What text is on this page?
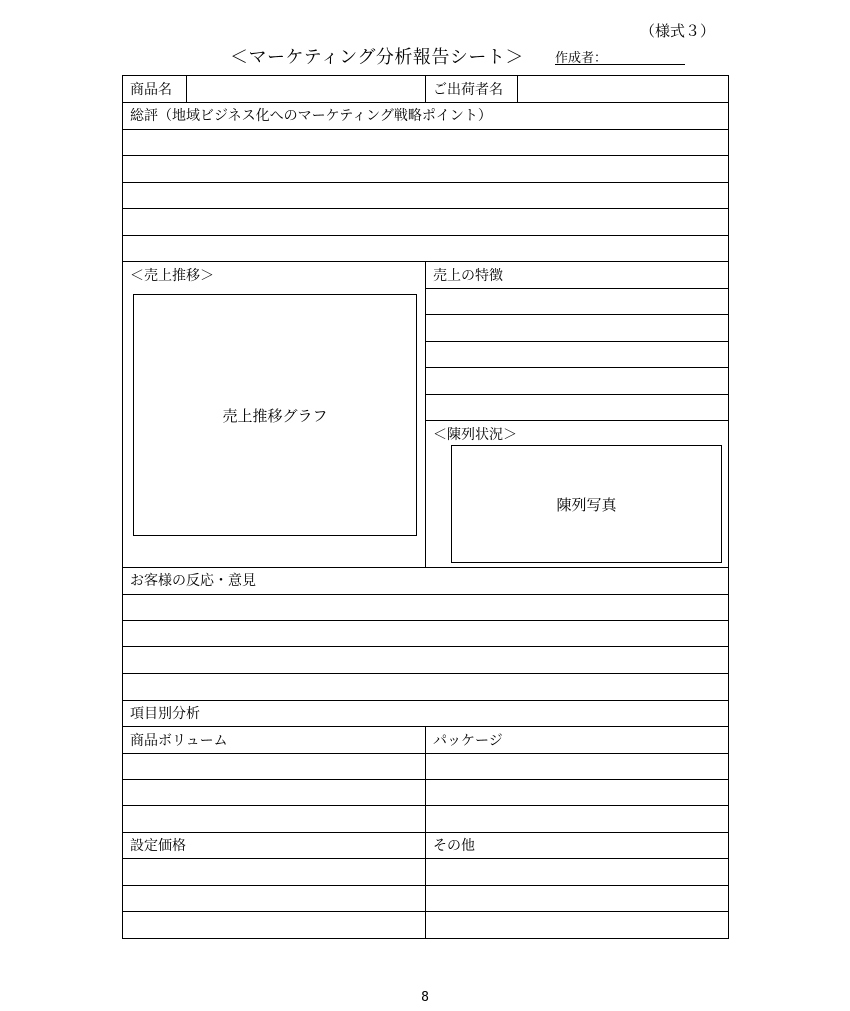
（様式３）
＜マーケティング分析報告シート＞ 作成者：
商品名	ご出荷者名
総評（地域ビジネス化へのマーケティング戦略ポイント）
＜売上推移＞
売上推移グラフ
売上の特徴
＜陳列状況＞
陳列写真
お客様の反応・意見
項目別分析
商品ボリューム	パッケージ
設定価格	その他
8
